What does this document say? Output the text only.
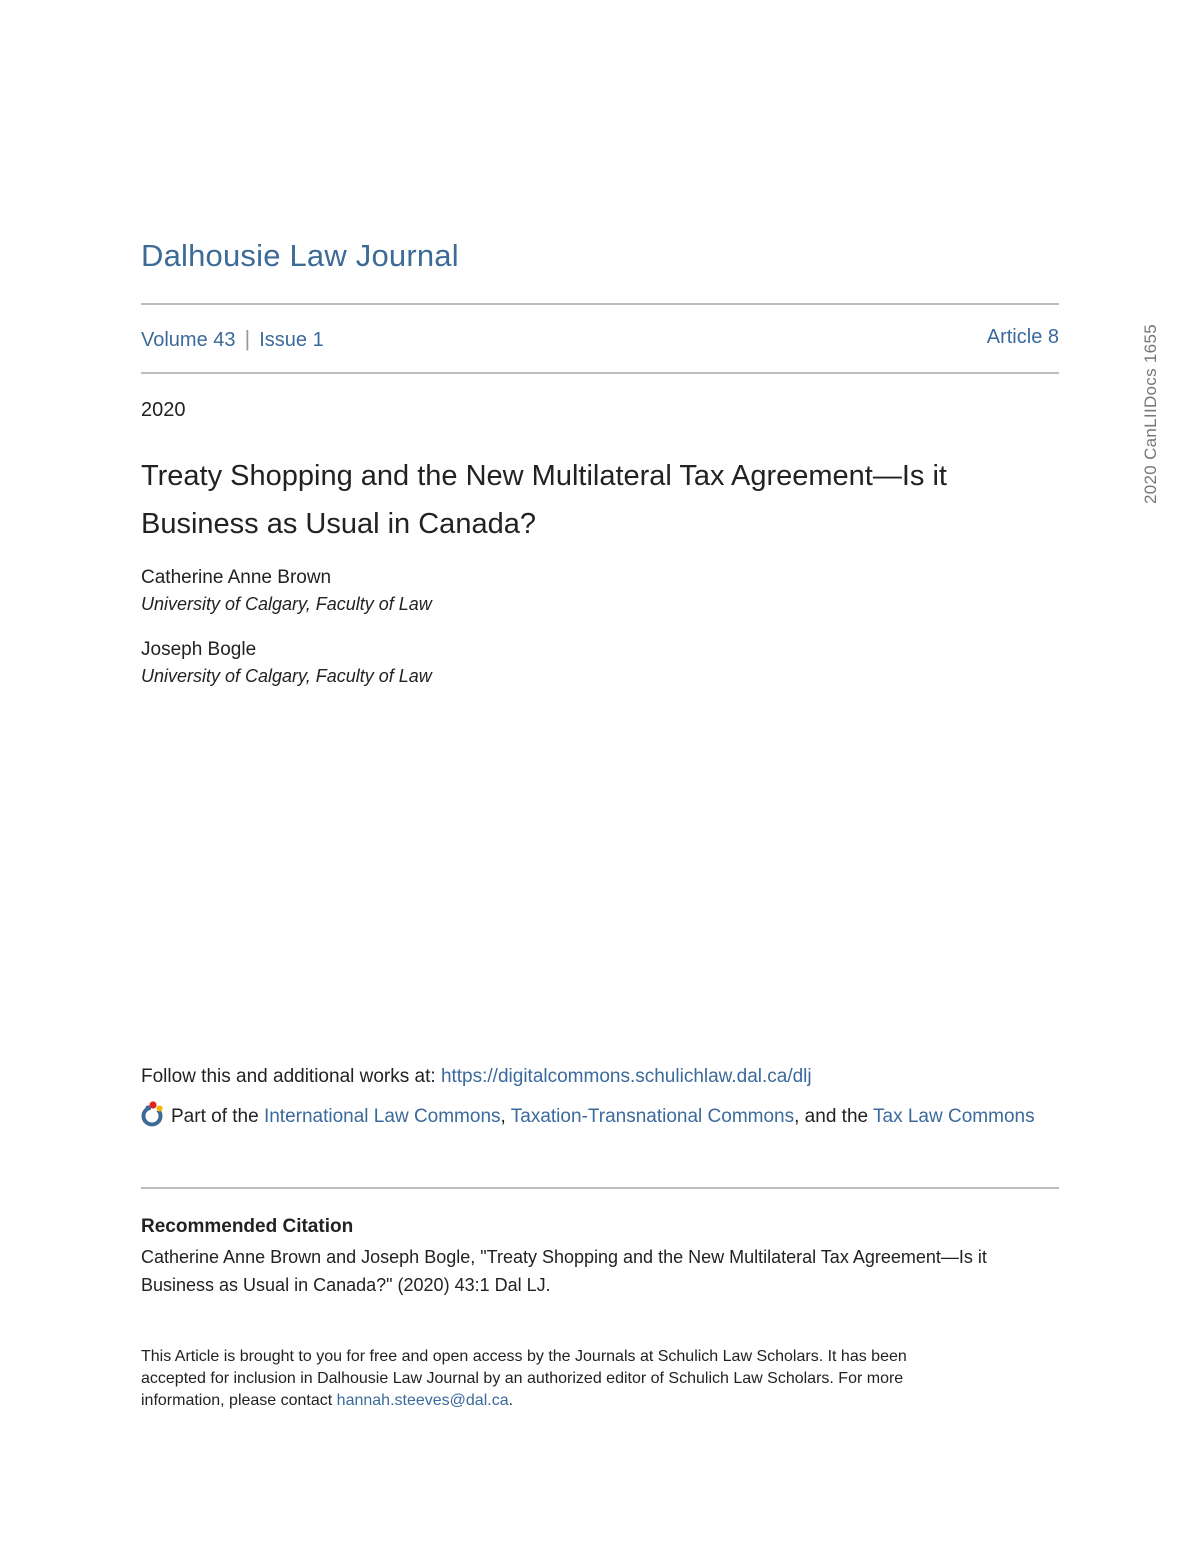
Dalhousie Law Journal
Volume 43 | Issue 1	Article 8
2020
Treaty Shopping and the New Multilateral Tax Agreement—Is it
Business as Usual in Canada?
Catherine Anne Brown
University of Calgary, Faculty of Law
Joseph Bogle
University of Calgary, Faculty of Law
Follow this and additional works at: https://digitalcommons.schulichlaw.dal.ca/dlj
Part of the International Law Commons, Taxation-Transnational Commons, and the Tax Law Commons
Recommended Citation
Catherine Anne Brown and Joseph Bogle, "Treaty Shopping and the New Multilateral Tax Agreement—Is it
Business as Usual in Canada?" (2020) 43:1 Dal LJ.
This Article is brought to you for free and open access by the Journals at Schulich Law Scholars. It has been
accepted for inclusion in Dalhousie Law Journal by an authorized editor of Schulich Law Scholars. For more
information, please contact hannah.steeves@dal.ca.
2020 CanLIIDocs 1655
